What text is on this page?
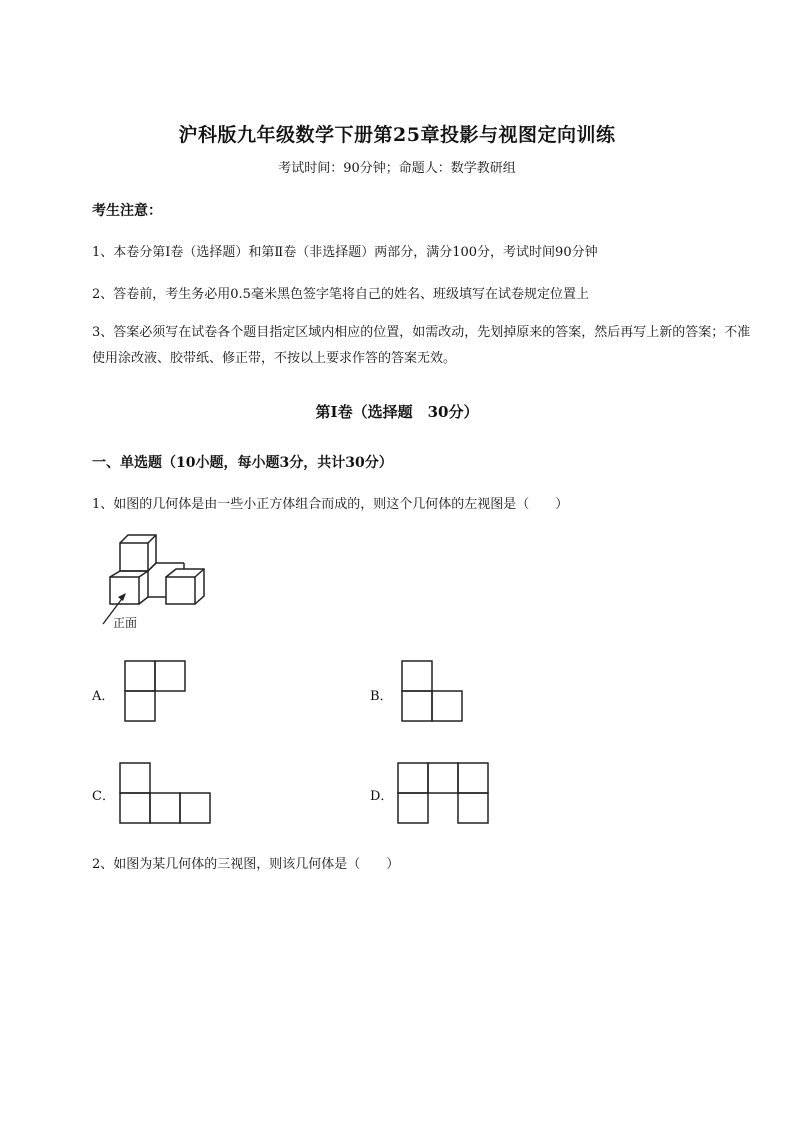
沪科版九年级数学下册第25章投影与视图定向训练
考试时间：90分钟；命题人：数学教研组
考生注意：
1、本卷分第I卷（选择题）和第Ⅱ卷（非选择题）两部分，满分100分，考试时间90分钟
2、答卷前，考生务必用0.5毫米黑色签字笔将自己的姓名、班级填写在试卷规定位置上
3、答案必须写在试卷各个题目指定区域内相应的位置，如需改动，先划掉原来的答案，然后再写上新的答案；不准使用涂改液、胶带纸、修正带，不按以上要求作答的答案无效。
第I卷（选择题　30分）
一、单选题（10小题，每小题3分，共计30分）
1、如图的几何体是由一些小正方体组合而成的，则这个几何体的左视图是（　　）
正面
A．	B．
C．	D．
2、如图为某几何体的三视图，则该几何体是（　　）
